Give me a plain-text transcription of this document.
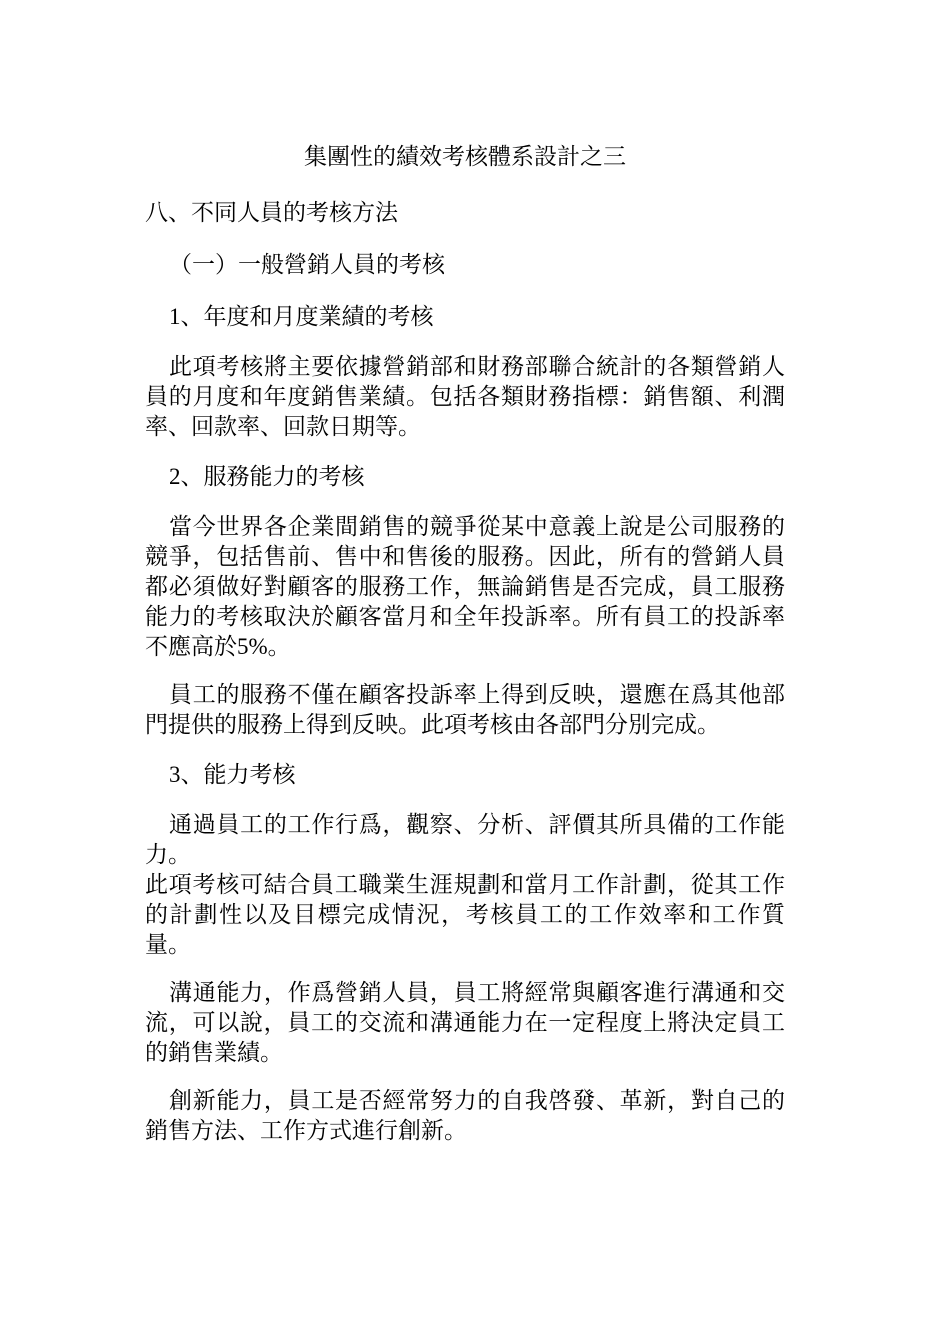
集團性的績效考核體系設計之三
八、不同人員的考核方法
（一）一般營銷人員的考核
1、年度和月度業績的考核
此項考核將主要依據營銷部和財務部聯合統計的各類營銷人員的月度和年度銷售業績。包括各類財務指標：銷售額、利潤率、回款率、回款日期等。
2、服務能力的考核
當今世界各企業間銷售的競爭從某中意義上說是公司服務的競爭，包括售前、售中和售後的服務。因此，所有的營銷人員都必須做好對顧客的服務工作，無論銷售是否完成，員工服務能力的考核取決於顧客當月和全年投訴率。所有員工的投訴率不應高於5%。
員工的服務不僅在顧客投訴率上得到反映，還應在爲其他部門提供的服務上得到反映。此項考核由各部門分別完成。
3、能力考核
通過員工的工作行爲，觀察、分析、評價其所具備的工作能力。
此項考核可結合員工職業生涯規劃和當月工作計劃，從其工作的計劃性以及目標完成情況，考核員工的工作效率和工作質量。
溝通能力，作爲營銷人員，員工將經常與顧客進行溝通和交流，可以說，員工的交流和溝通能力在一定程度上將決定員工的銷售業績。
創新能力，員工是否經常努力的自我啓發、革新，對自己的銷售方法、工作方式進行創新。
